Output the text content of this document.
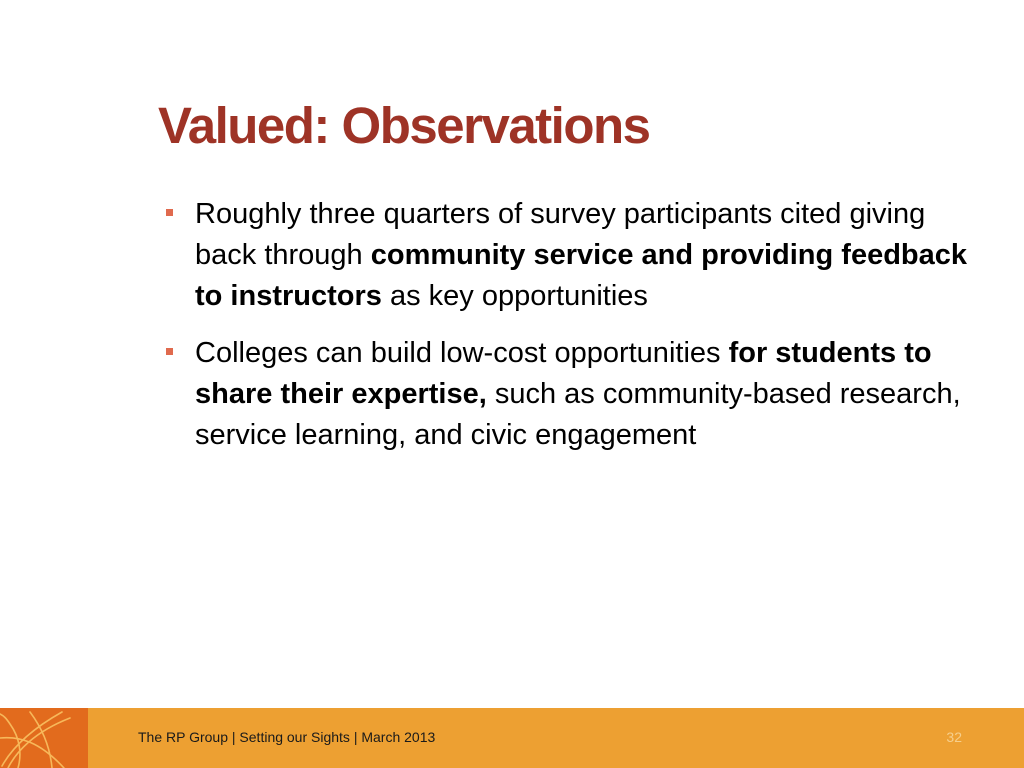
Valued: Observations
Roughly three quarters of survey participants cited giving back through community service and providing feedback to instructors as key opportunities
Colleges can build low-cost opportunities for students to share their expertise, such as community-based research, service learning, and civic engagement
The RP Group | Setting our Sights | March 2013	32
